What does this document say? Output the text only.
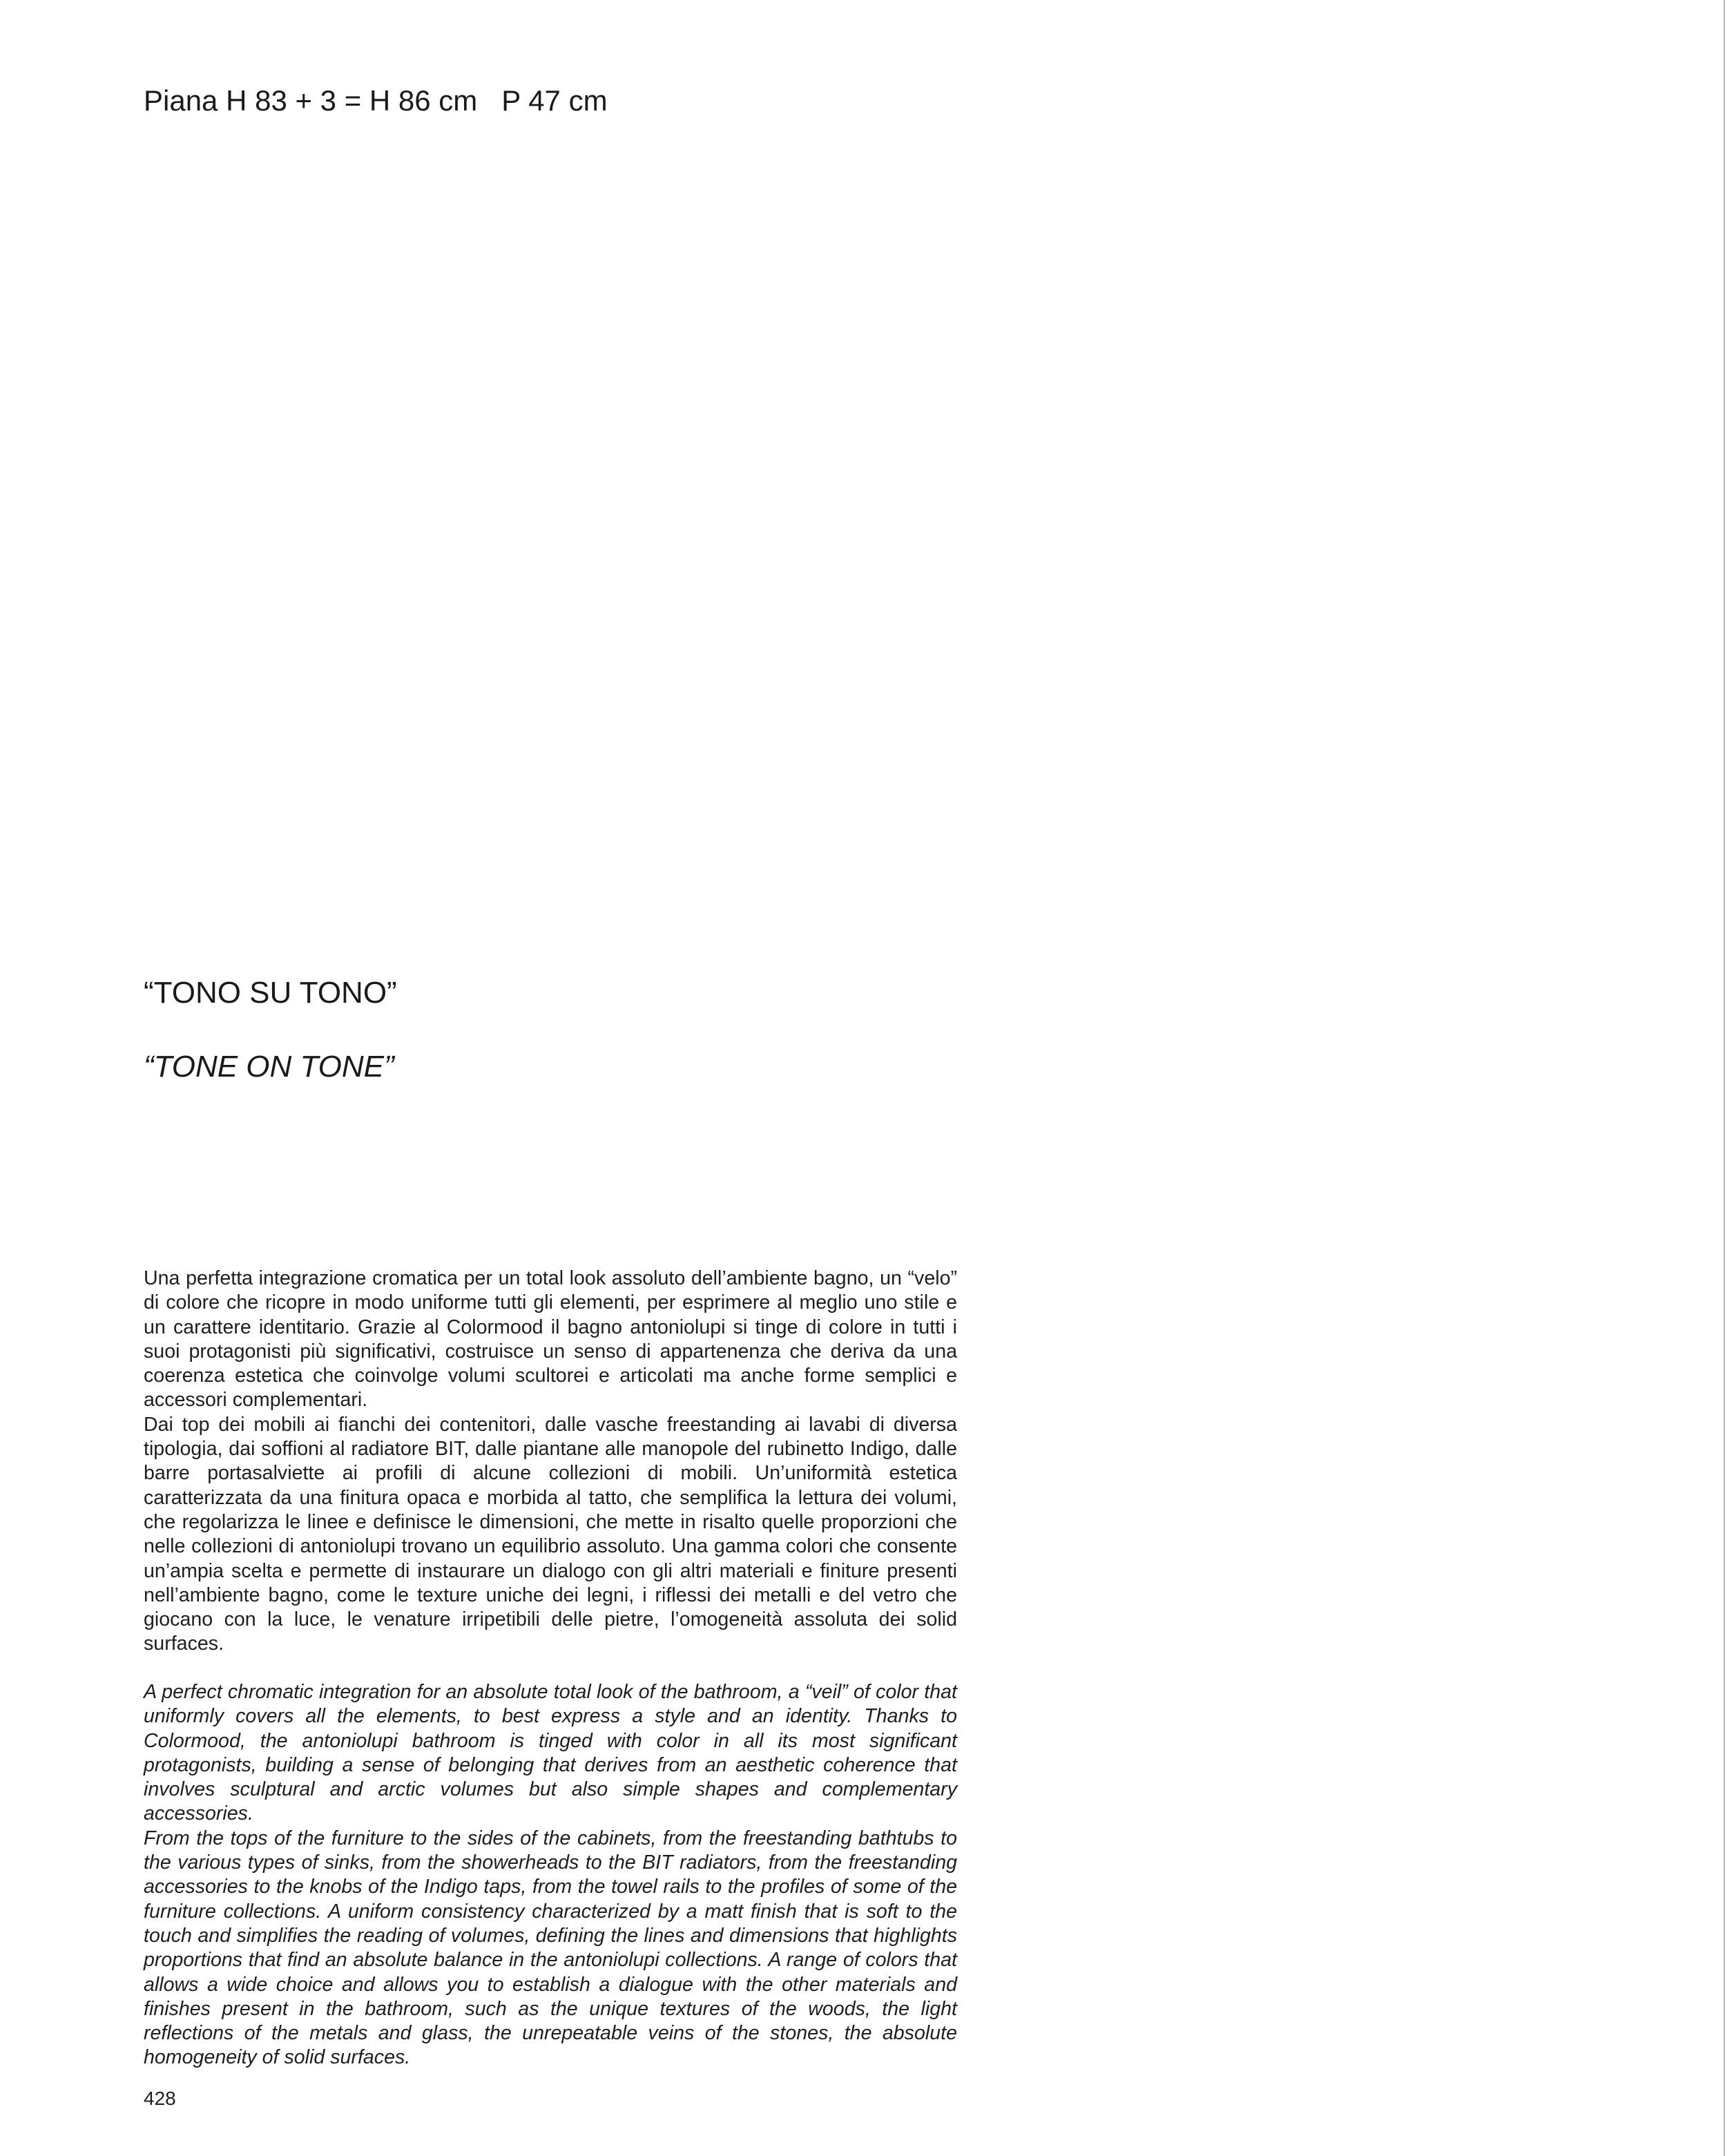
Piana H 83 + 3 = H 86 cm   P 47 cm
“TONO SU TONO”
“TONE ON TONE”

Una perfetta integrazione cromatica per un total look assoluto dell’ambiente bagno, un “velo” di colore che ricopre in modo uniforme tutti gli elementi, per esprimere al meglio uno stile e un carattere identitario. Grazie al Colormood il bagno antoniolupi si tinge di colore in tutti i suoi protagonisti più significativi, costruisce un senso di appartenenza che deriva da una coerenza estetica che coinvolge volumi scultorei e articolati ma anche forme semplici e accessori complementari.

Dai top dei mobili ai fianchi dei contenitori, dalle vasche freestanding ai lavabi di diversa tipologia, dai soffioni al radiatore BIT, dalle piantane alle manopole del rubinetto Indigo, dalle barre portasalviette ai profili di alcune collezioni di mobili. Un’uniformità estetica caratterizzata da una finitura opaca e morbida al tatto, che semplifica la lettura dei volumi, che regolarizza le linee e definisce le dimensioni, che mette in risalto quelle proporzioni che nelle collezioni di antoniolupi trovano un equilibrio assoluto. Una gamma colori che consente un’ampia scelta e permette di instaurare un dialogo con gli altri materiali e finiture presenti nell’ambiente bagno, come le texture uniche dei legni, i riflessi dei metalli e del vetro che giocano con la luce, le venature irripetibili delle pietre, l’omogeneità assoluta dei solid surfaces.

A perfect chromatic integration for an absolute total look of the bathroom, a “veil” of color that uniformly covers all the elements, to best express a style and an identity. Thanks to Colormood, the antoniolupi bathroom is tinged with color in all its most significant protagonists, building a sense of belonging that derives from an aesthetic coherence that involves sculptural and arctic volumes but also simple shapes and complementary accessories.

From the tops of the furniture to the sides of the cabinets, from the freestanding bathtubs to the various types of sinks, from the showerheads to the BIT radiators, from the freestanding accessories to the knobs of the Indigo taps, from the towel rails to the profiles of some of the furniture collections. A uniform consistency characterized by a matt finish that is soft to the touch and simplifies the reading of volumes, defining the lines and dimensions that highlights proportions that find an absolute balance in the antoniolupi collections. A range of colors that allows a wide choice and allows you to establish a dialogue with the other materials and finishes present in the bathroom, such as the unique textures of the woods, the light reflections of the metals and glass, the unrepeatable veins of the stones, the absolute homogeneity of solid surfaces.

428
